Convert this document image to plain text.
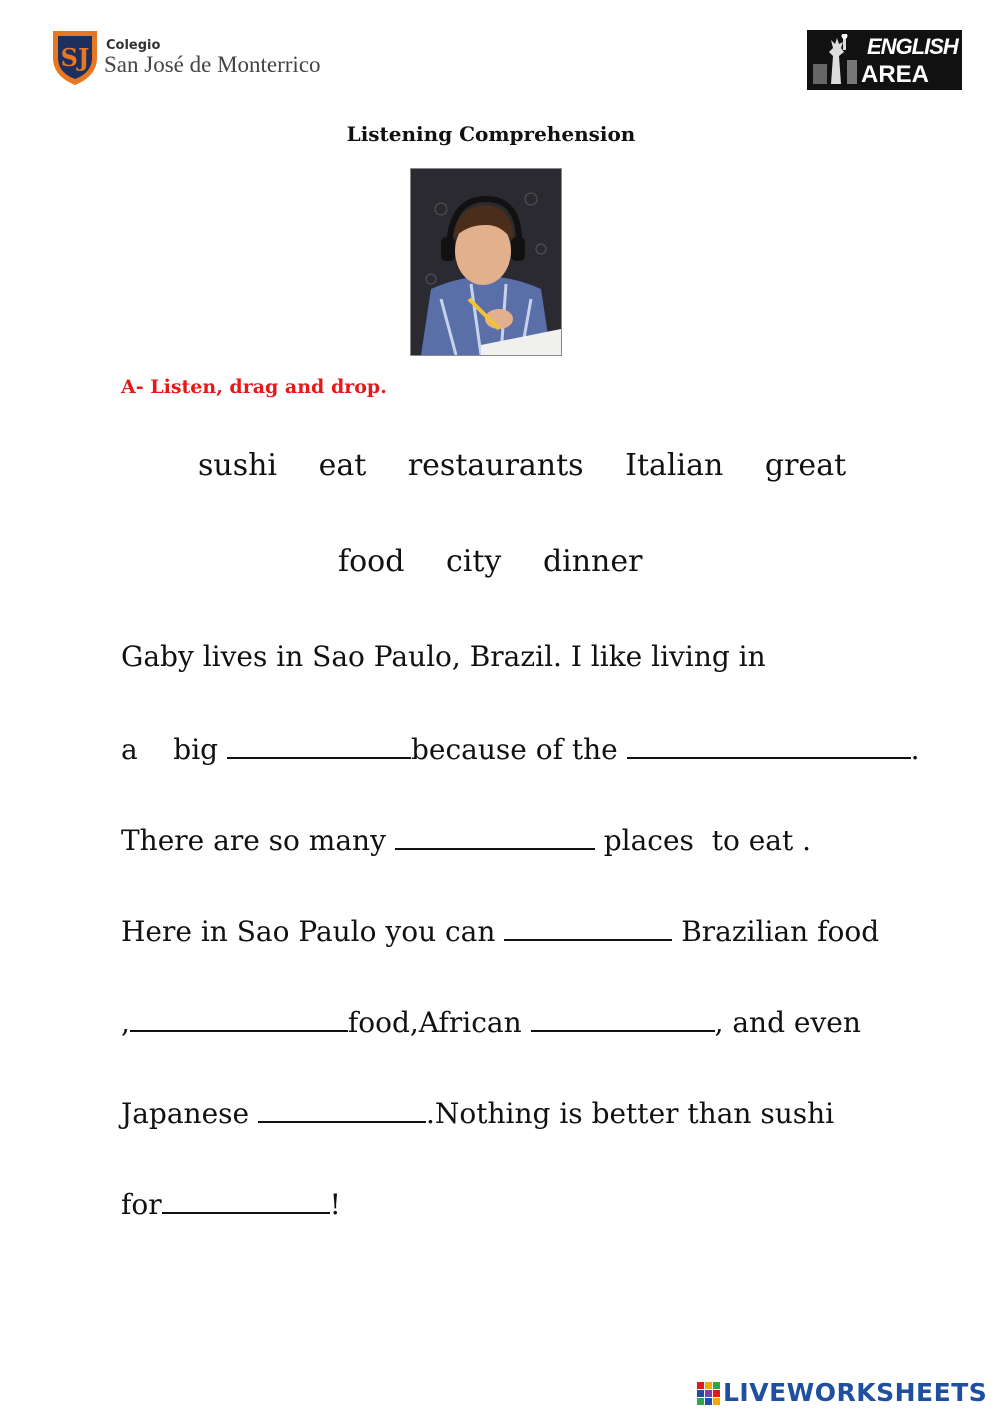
SJ Colegio
San José de Monterrico
ENGLISH
AREA
Listening Comprehension
A- Listen, drag and drop.
sushi eat restaurants Italian great
food city dinner
Gaby lives in Sao Paulo, Brazil. I like living in
a    big	because of the	.
There are so many	places  to eat .
Here in Sao Paulo you can	Brazilian food
,	food,African	, and even
Japanese	.Nothing is better than sushi
for	!
LIVEWORKSHEETS
